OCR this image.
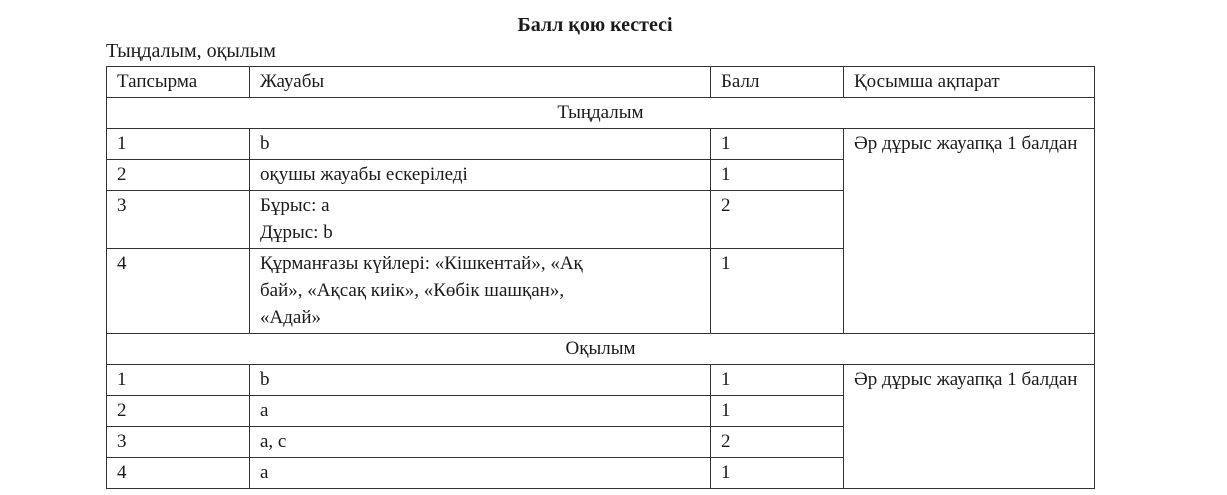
Балл қою кестесі
Тыңдалым, оқылым
Тапсырма	Жауабы	Балл	Қосымша ақпарат
Тыңдалым			
1	b	1	Әр дұрыс жауапқа 1 балдан
2	оқушы жауабы ескеріледі	1	
3	Бұрыс: а
Дұрыс: b	2	
4	Құрманғазы күйлері: «Кішкентай», «Ақ
бай», «Ақсақ киік», «Көбік шашқан»,
«Адай»	1	
Оқылым			
1	b	1	Әр дұрыс жауапқа 1 балдан
2	а	1	
3	а, с	2	
4	а	1	
